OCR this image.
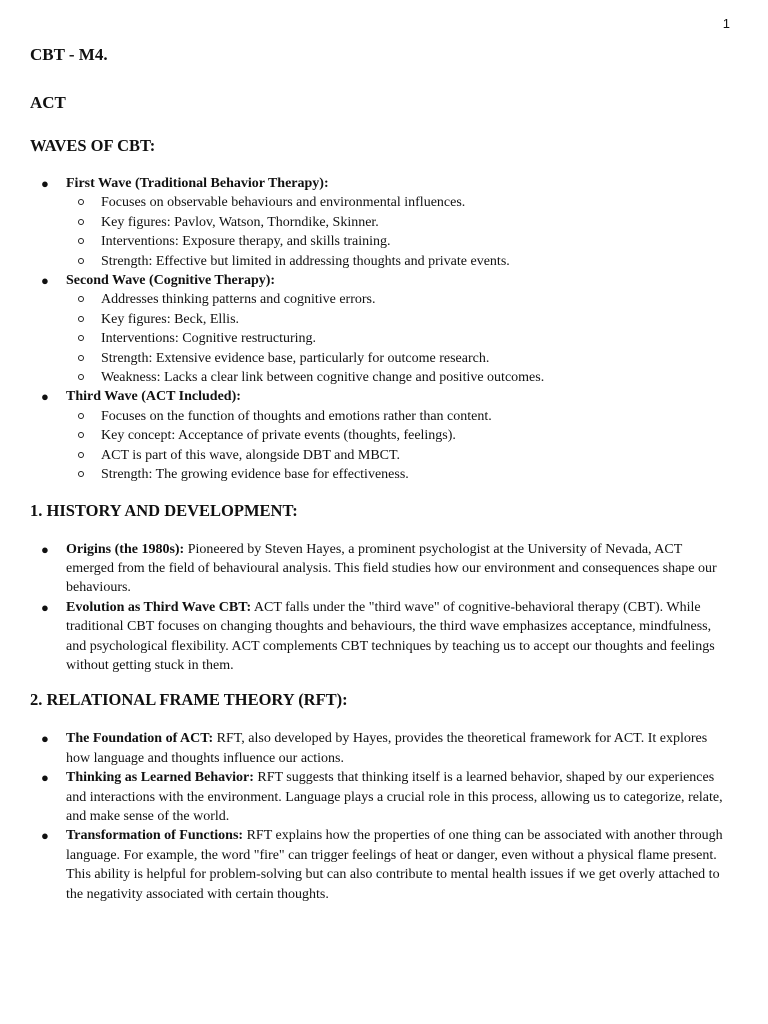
1
CBT - M4.
ACT
WAVES OF CBT:
● First Wave (Traditional Behavior Therapy):
Focuses on observable behaviours and environmental influences.
Key figures: Pavlov, Watson, Thorndike, Skinner.
Interventions: Exposure therapy, and skills training.
Strength: Effective but limited in addressing thoughts and private events.
● Second Wave (Cognitive Therapy):
Addresses thinking patterns and cognitive errors.
Key figures: Beck, Ellis.
Interventions: Cognitive restructuring.
Strength: Extensive evidence base, particularly for outcome research.
Weakness: Lacks a clear link between cognitive change and positive outcomes.
● Third Wave (ACT Included):
Focuses on the function of thoughts and emotions rather than content.
Key concept: Acceptance of private events (thoughts, feelings).
ACT is part of this wave, alongside DBT and MBCT.
Strength: The growing evidence base for effectiveness.
1. HISTORY AND DEVELOPMENT:
● Origins (the 1980s): Pioneered by Steven Hayes, a prominent psychologist at the University of Nevada, ACT emerged from the field of behavioural analysis. This field studies how our environment and consequences shape our behaviours.
● Evolution as Third Wave CBT: ACT falls under the "third wave" of cognitive-behavioral therapy (CBT). While traditional CBT focuses on changing thoughts and behaviours, the third wave emphasizes acceptance, mindfulness, and psychological flexibility. ACT complements CBT techniques by teaching us to accept our thoughts and feelings without getting stuck in them.
2. RELATIONAL FRAME THEORY (RFT):
● The Foundation of ACT: RFT, also developed by Hayes, provides the theoretical framework for ACT. It explores how language and thoughts influence our actions.
● Thinking as Learned Behavior: RFT suggests that thinking itself is a learned behavior, shaped by our experiences and interactions with the environment. Language plays a crucial role in this process, allowing us to categorize, relate, and make sense of the world.
● Transformation of Functions: RFT explains how the properties of one thing can be associated with another through language. For example, the word "fire" can trigger feelings of heat or danger, even without a physical flame present. This ability is helpful for problem-solving but can also contribute to mental health issues if we get overly attached to the negativity associated with certain thoughts.
